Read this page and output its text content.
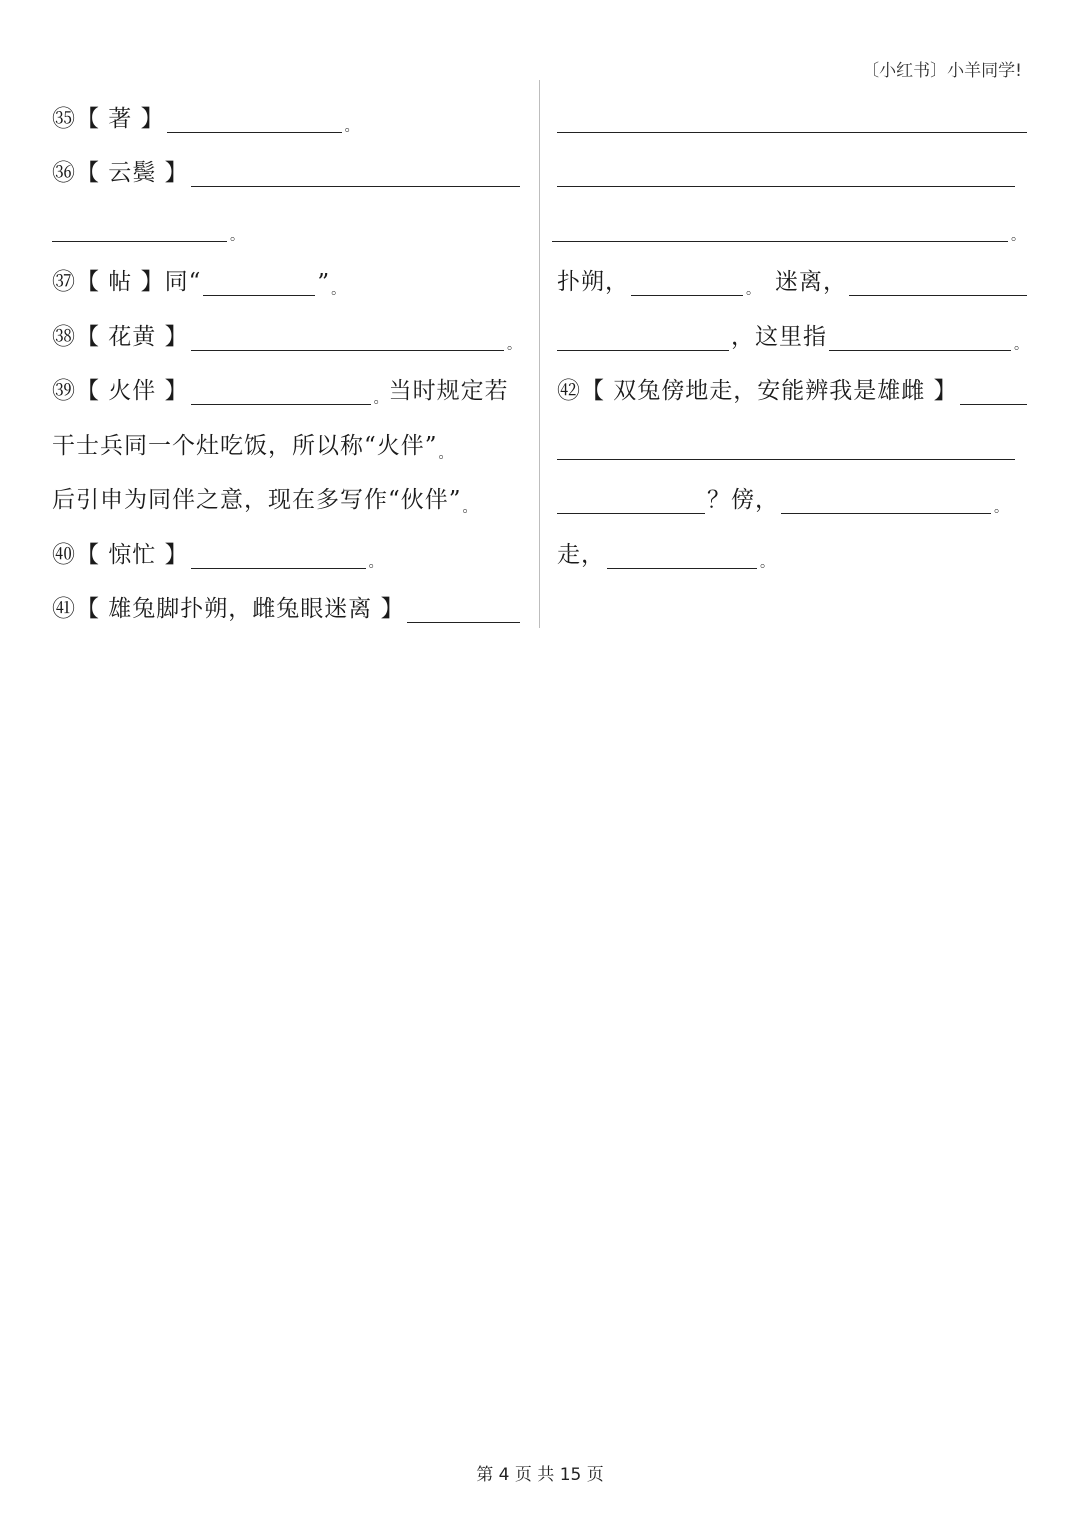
〔小红书〕小羊同学!
㉟ 【 著 】	。
㊱ 【 云鬓 】
。
㊲ 【 帖 】同“	” 。
㊳ 【 花黄 】	。
㊴ 【 火伴 】	。 当时规定若
干士兵同一个灶吃饭，所以称“火伴” 。
后引申为同伴之意，现在多写作“伙伴” 。
㊵ 【 惊忙 】	。
㊶ 【 雄兔脚扑朔，雌兔眼迷离 】
。
扑朔，	。 迷离，
，这里指	。
㊷ 【 双兔傍地走，安能辨我是雄雌 】
？傍，	。
走，	。
第 4 页 共 15 页
